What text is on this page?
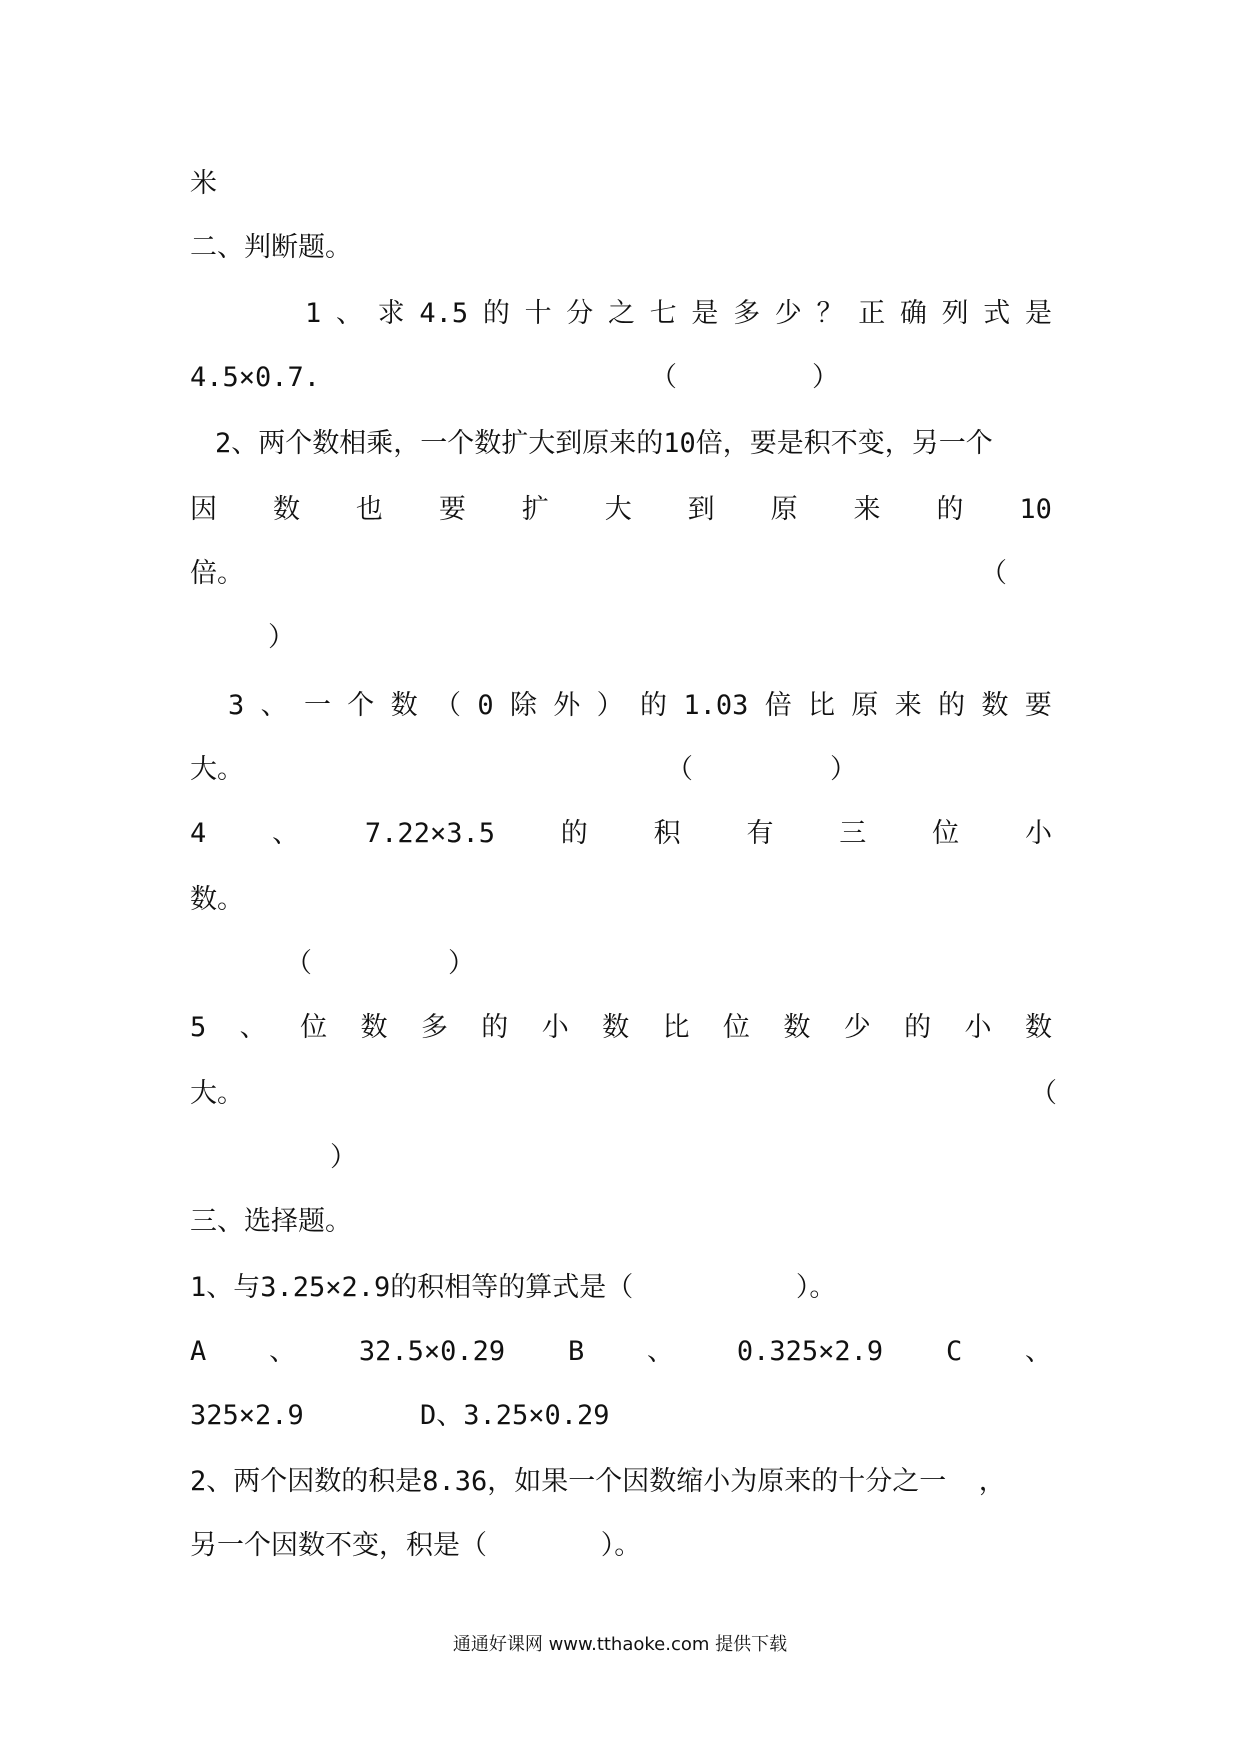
米
二、判断题。
1 、 求 4.5 的 十 分 之 七 是 多 少 ？ 正 确 列 式 是
4.5×0.7.	（	）
2、两个数相乘，一个数扩大到原来的10倍，要是积不变，另一个
因 数 也 要 扩 大 到 原 来 的 10
倍。	（
）
3 、 一 个 数 （ 0 除 外 ） 的 1.03 倍 比 原 来 的 数 要
大。	（	）
4 、 7.22×3.5 的 积 有 三 位 小
数。
（	）
5 、 位 数 多 的 小 数 比 位 数 少 的 小 数
大。	（
）
三、选择题。
1、与3.25×2.9的积相等的算式是（          ）。
A 、 32.5×0.29 B 、 0.325×2.9 C 、
325×2.9	D、3.25×0.29
2、两个因数的积是8.36，如果一个因数缩小为原来的十分之一  ，
另一个因数不变，积是（       ）。
通通好课网 www.tthaoke.com 提供下载
